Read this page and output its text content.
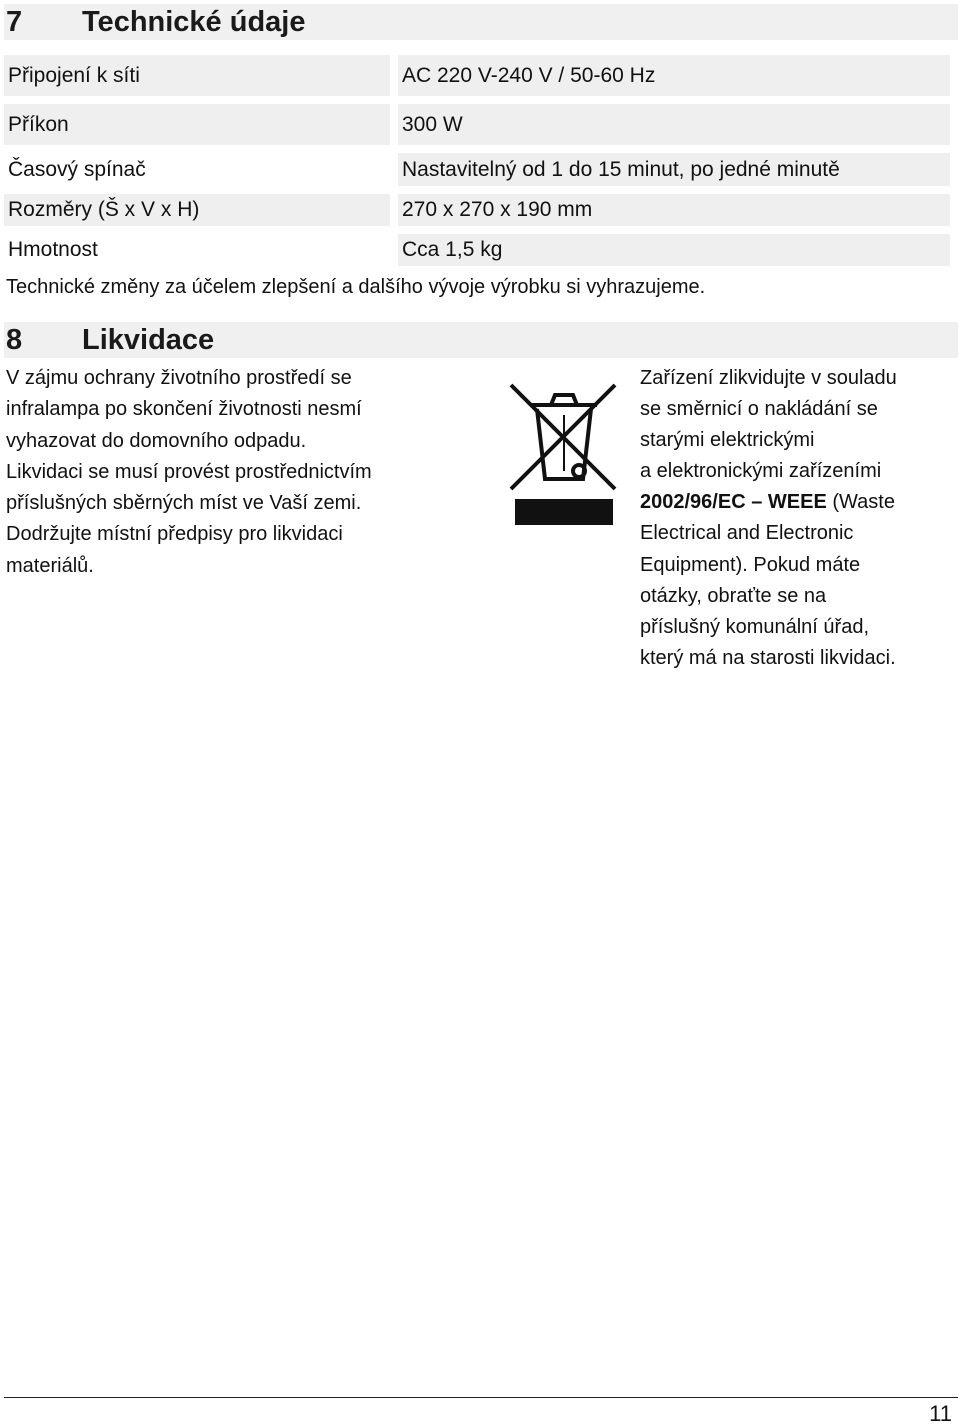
7	Technické údaje
Připojení k síti	AC 220 V-240 V / 50-60 Hz
Příkon	300 W
Časový spínač	Nastavitelný od 1 do 15 minut, po jedné minutě
Rozměry (Š x V x H)	270 x 270 x 190 mm
Hmotnost	Cca 1,5 kg
Technické změny za účelem zlepšení a dalšího vývoje výrobku si vyhrazujeme.
8	Likvidace
V zájmu ochrany životního prostředí se
infralampa po skončení životnosti nesmí
vyhazovat do domovního odpadu.
Likvidaci se musí provést prostřednictvím
příslušných sběrných míst ve Vaší zemi.
Dodržujte místní předpisy pro likvidaci
materiálů.
Zařízení zlikvidujte v souladu
se směrnicí o nakládání se
starými elektrickými
a elektronickými zařízeními
2002/96/EC – WEEE (Waste
Electrical and Electronic
Equipment). Pokud máte
otázky, obraťte se na
příslušný komunální úřad,
který má na starosti likvidaci.
11
